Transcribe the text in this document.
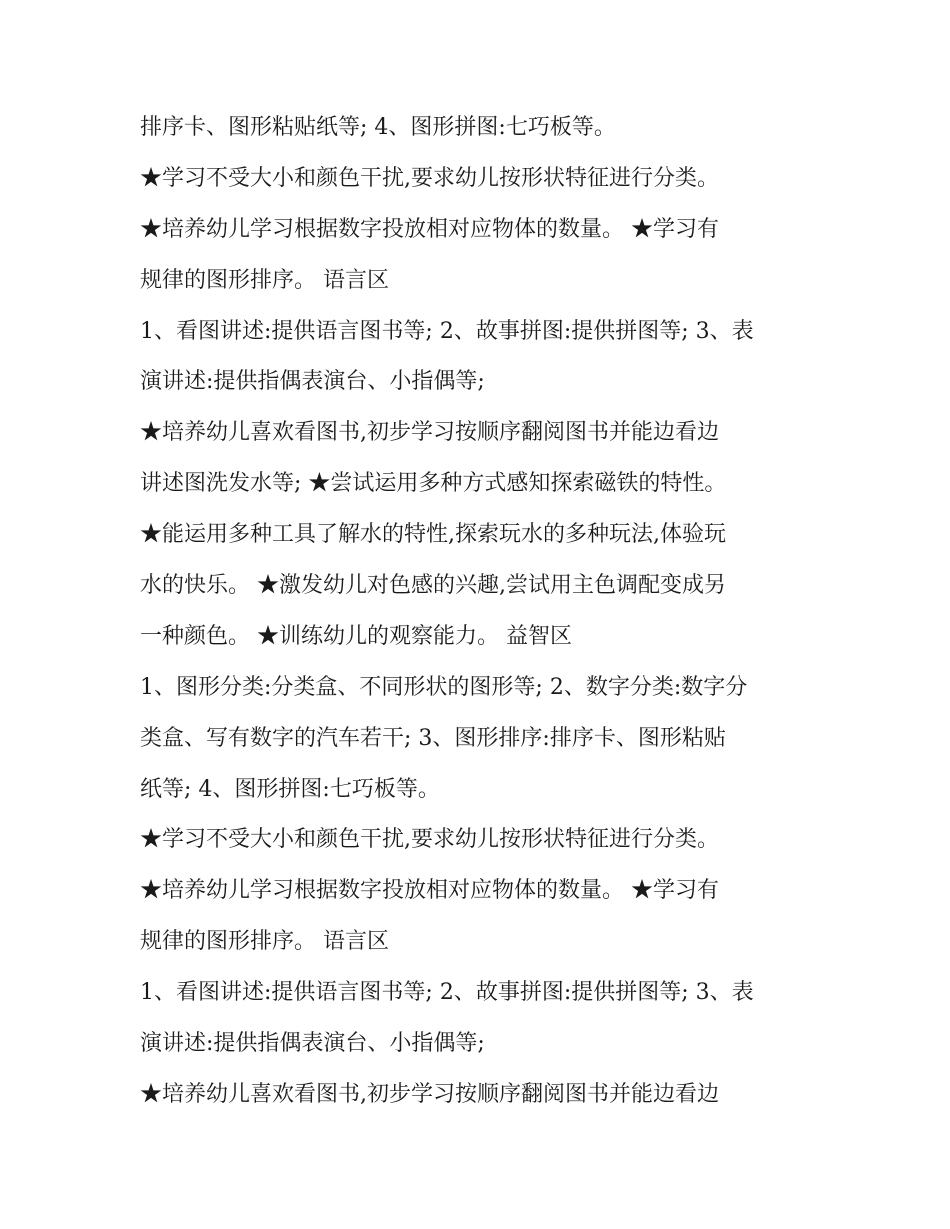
排序卡、图形粘贴纸等; 4、图形拼图:七巧板等。
★学习不受大小和颜色干扰,要求幼儿按形状特征进行分类。
★培养幼儿学习根据数字投放相对应物体的数量。 ★学习有
规律的图形排序。 语言区
1、看图讲述:提供语言图书等; 2、故事拼图:提供拼图等; 3、表
演讲述:提供指偶表演台、小指偶等;
★培养幼儿喜欢看图书,初步学习按顺序翻阅图书并能边看边
讲述图洗发水等; ★尝试运用多种方式感知探索磁铁的特性。
★能运用多种工具了解水的特性,探索玩水的多种玩法,体验玩
水的快乐。 ★激发幼儿对色感的兴趣,尝试用主色调配变成另
一种颜色。 ★训练幼儿的观察能力。 益智区
1、图形分类:分类盒、不同形状的图形等; 2、数字分类:数字分
类盒、写有数字的汽车若干; 3、图形排序:排序卡、图形粘贴
纸等; 4、图形拼图:七巧板等。
★学习不受大小和颜色干扰,要求幼儿按形状特征进行分类。
★培养幼儿学习根据数字投放相对应物体的数量。 ★学习有
规律的图形排序。 语言区
1、看图讲述:提供语言图书等; 2、故事拼图:提供拼图等; 3、表
演讲述:提供指偶表演台、小指偶等;
★培养幼儿喜欢看图书,初步学习按顺序翻阅图书并能边看边
